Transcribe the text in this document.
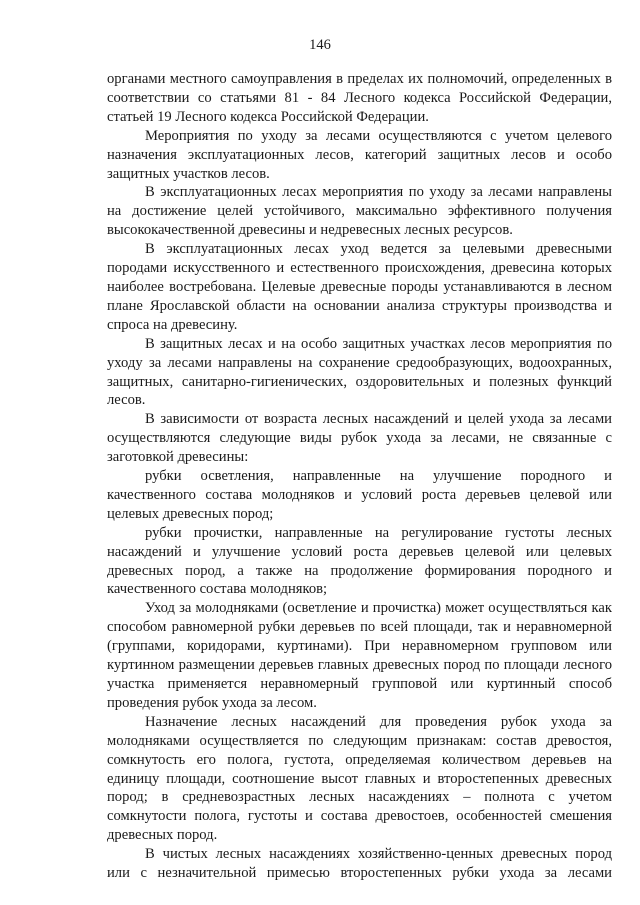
146

органами местного самоуправления в пределах их полномочий, определенных в соответствии со статьями 81 - 84 Лесного кодекса Российской Федерации, статьей 19 Лесного кодекса Российской Федерации.

Мероприятия по уходу за лесами осуществляются с учетом целевого назначения эксплуатационных лесов, категорий защитных лесов и особо защитных участков лесов.

В эксплуатационных лесах мероприятия по уходу за лесами направлены на достижение целей устойчивого, максимально эффективного получения высококачественной древесины и недревесных лесных ресурсов.

В эксплуатационных лесах уход ведется за целевыми древесными породами искусственного и естественного происхождения, древесина которых наиболее востребована. Целевые древесные породы устанавливаются в лесном плане Ярославской области на основании анализа структуры производства и спроса на древесину.

В защитных лесах и на особо защитных участках лесов мероприятия по уходу за лесами направлены на сохранение средообразующих, водоохранных, защитных, санитарно-гигиенических, оздоровительных и полезных функций лесов.

В зависимости от возраста лесных насаждений и целей ухода за лесами осуществляются следующие виды рубок ухода за лесами, не связанные с заготовкой древесины:

рубки осветления, направленные на улучшение породного и качественного состава молодняков и условий роста деревьев целевой или целевых древесных пород;

рубки прочистки, направленные на регулирование густоты лесных насаждений и улучшение условий роста деревьев целевой или целевых древесных пород, а также на продолжение формирования породного и качественного состава молодняков;

Уход за молодняками (осветление и прочистка) может осуществляться как способом равномерной рубки деревьев по всей площади, так и неравномерной (группами, коридорами, куртинами). При неравномерном групповом или куртинном размещении деревьев главных древесных пород по площади лесного участка применяется неравномерный групповой или куртинный способ проведения рубок ухода за лесом.

Назначение лесных насаждений для проведения рубок ухода за молодняками осуществляется по следующим признакам: состав древостоя, сомкнутость его полога, густота, определяемая количеством деревьев на единицу площади, соотношение высот главных и второстепенных древесных пород; в средневозрастных лесных насаждениях – полнота с учетом сомкнутости полога, густоты и состава древостоев, особенностей смешения древесных пород.

В чистых лесных насаждениях хозяйственно-ценных древесных пород или с незначительной примесью второстепенных рубки ухода за лесами
